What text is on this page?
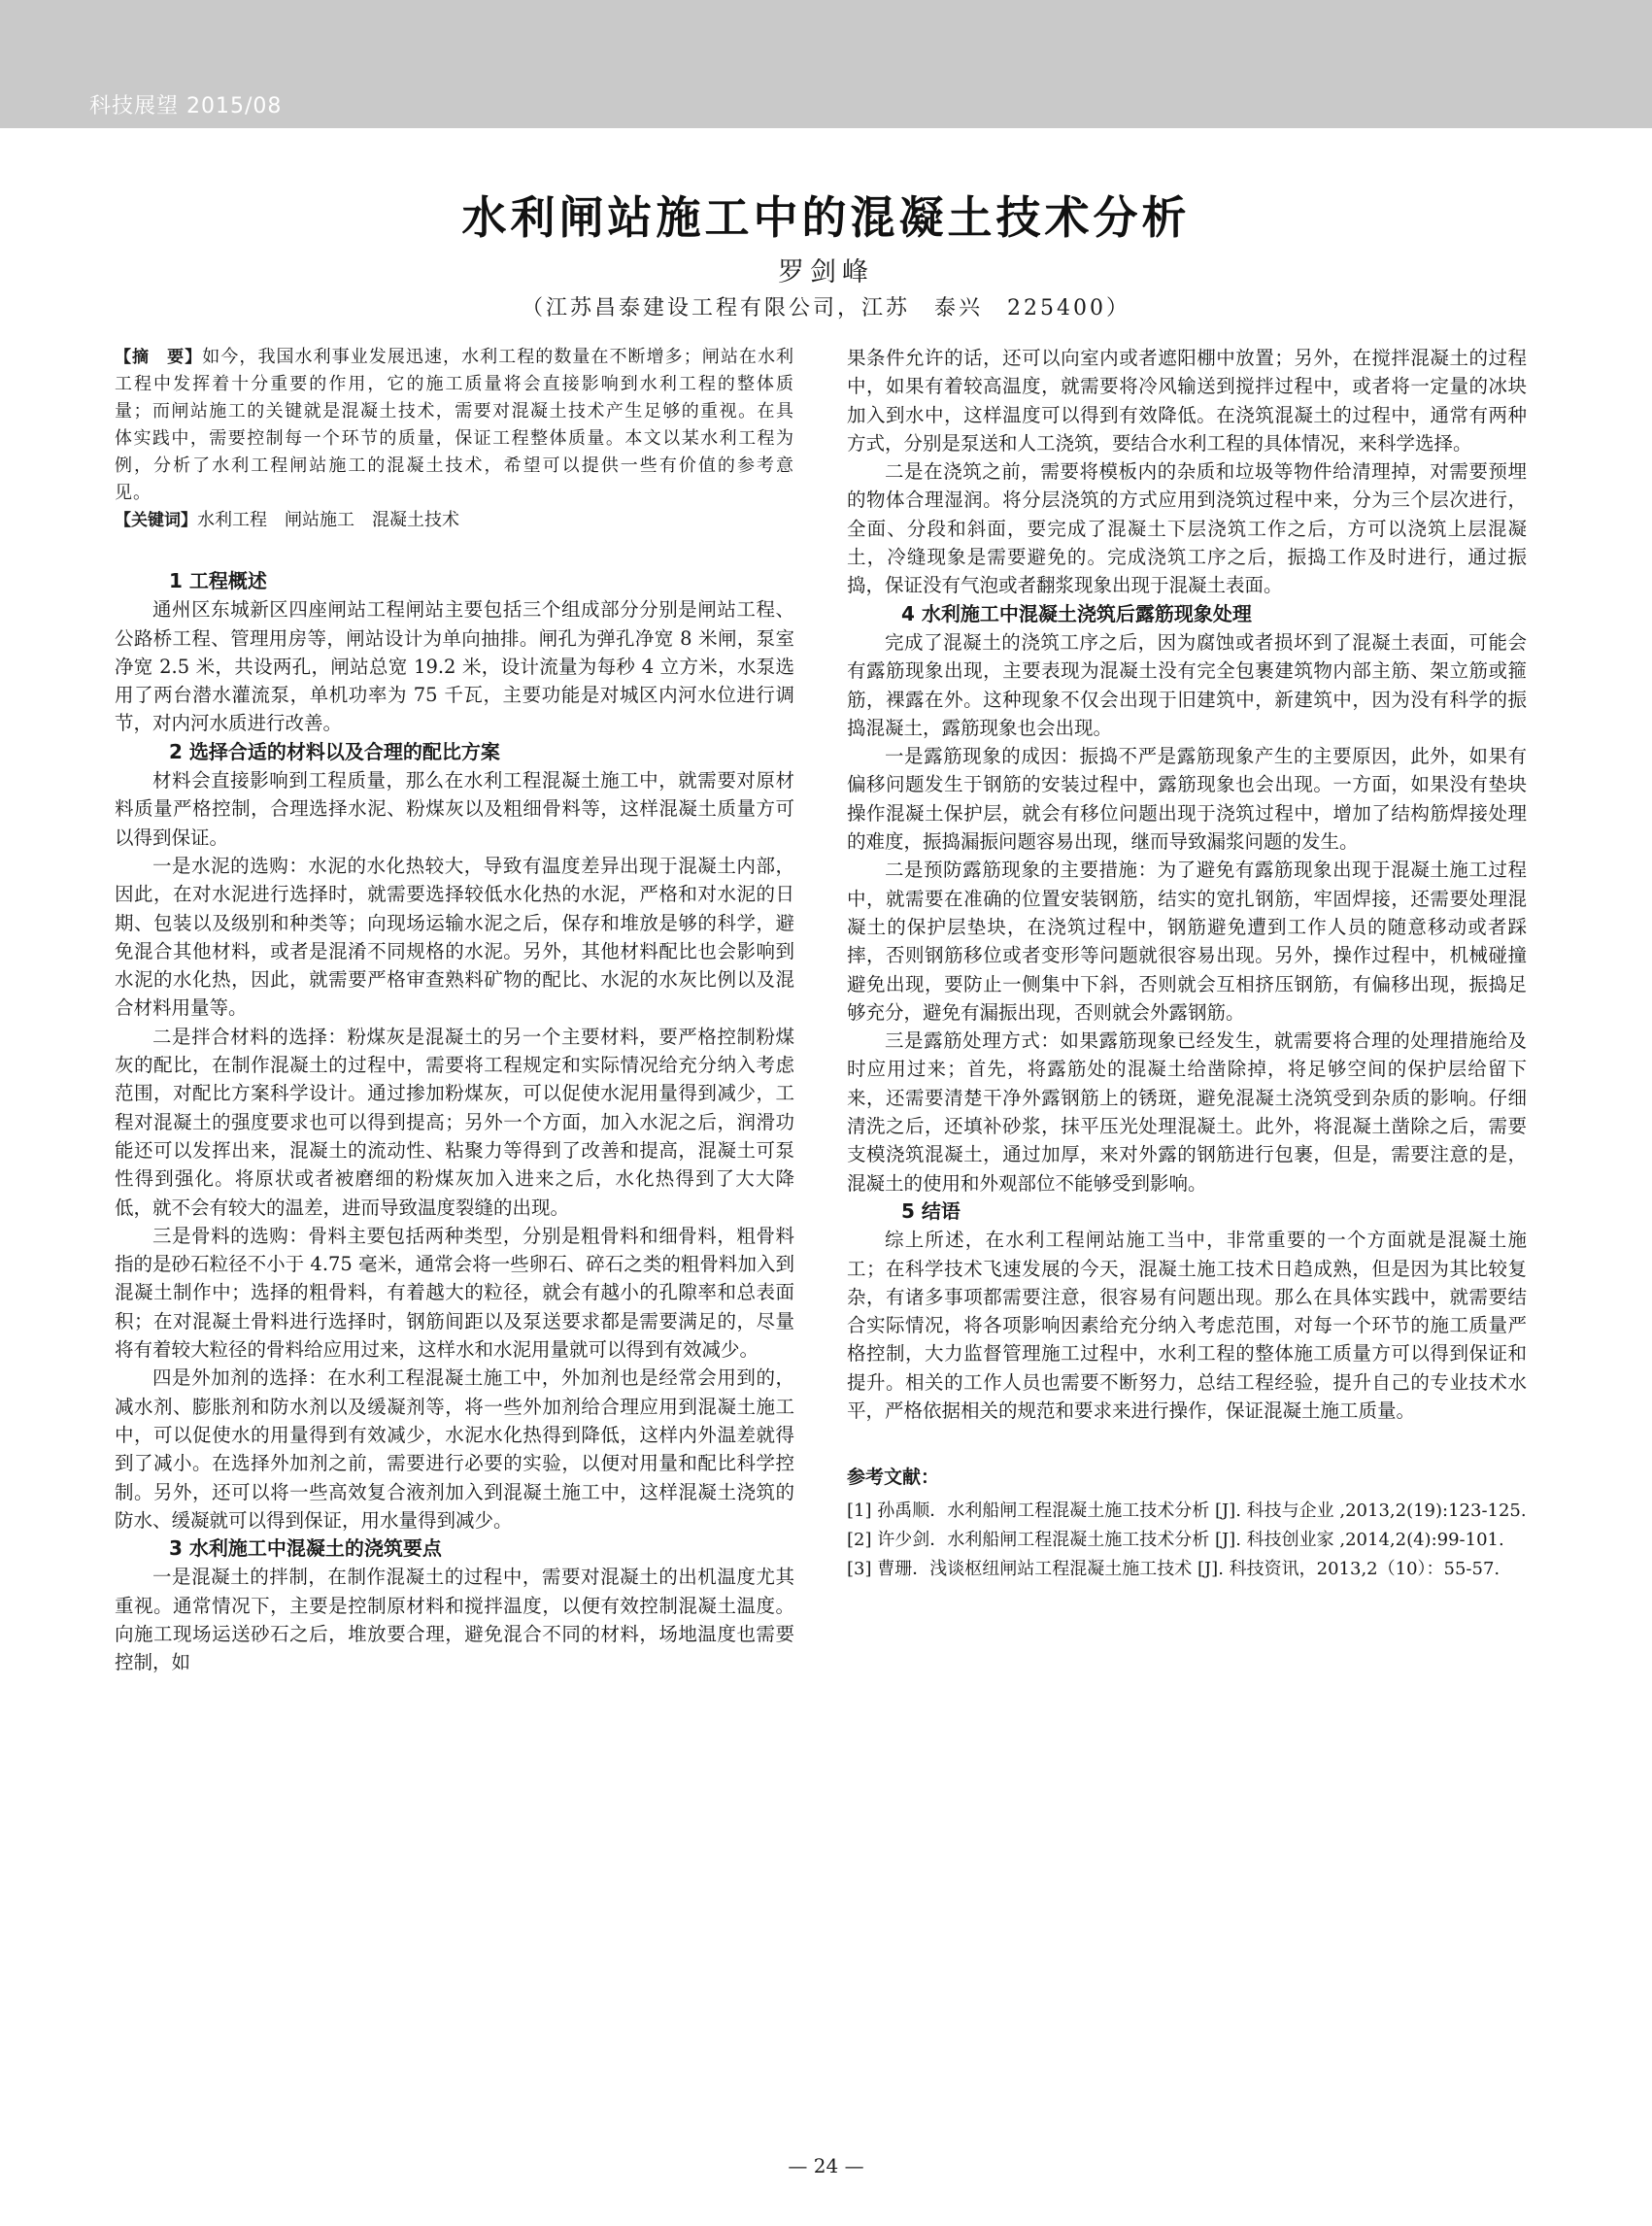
科技展望 2015/08
水利闸站施工中的混凝土技术分析
罗剑峰
（江苏昌泰建设工程有限公司，江苏　泰兴　225400）
【摘　要】如今，我国水利事业发展迅速，水利工程的数量在不断增多；闸站在水利工程中发挥着十分重要的作用，它的施工质量将会直接影响到水利工程的整体质量；而闸站施工的关键就是混凝土技术，需要对混凝土技术产生足够的重视。在具体实践中，需要控制每一个环节的质量，保证工程整体质量。本文以某水利工程为例，分析了水利工程闸站施工的混凝土技术，希望可以提供一些有价值的参考意见。
【关键词】水利工程　闸站施工　混凝土技术
1 工程概述
通州区东城新区四座闸站工程闸站主要包括三个组成部分分别是闸站工程、公路桥工程、管理用房等，闸站设计为单向抽排。闸孔为弹孔净宽 8 米闸，泵室净宽 2.5 米，共设两孔，闸站总宽 19.2 米，设计流量为每秒 4 立方米，水泵选用了两台潜水灌流泵，单机功率为 75 千瓦，主要功能是对城区内河水位进行调节，对内河水质进行改善。
2 选择合适的材料以及合理的配比方案
材料会直接影响到工程质量，那么在水利工程混凝土施工中，就需要对原材料质量严格控制，合理选择水泥、粉煤灰以及粗细骨料等，这样混凝土质量方可以得到保证。
一是水泥的选购：水泥的水化热较大，导致有温度差异出现于混凝土内部，因此，在对水泥进行选择时，就需要选择较低水化热的水泥，严格和对水泥的日期、包装以及级别和种类等；向现场运输水泥之后，保存和堆放是够的科学，避免混合其他材料，或者是混淆不同规格的水泥。另外，其他材料配比也会影响到水泥的水化热，因此，就需要严格审查熟料矿物的配比、水泥的水灰比例以及混合材料用量等。
二是拌合材料的选择：粉煤灰是混凝土的另一个主要材料，要严格控制粉煤灰的配比，在制作混凝土的过程中，需要将工程规定和实际情况给充分纳入考虑范围，对配比方案科学设计。通过掺加粉煤灰，可以促使水泥用量得到减少，工程对混凝土的强度要求也可以得到提高；另外一个方面，加入水泥之后，润滑功能还可以发挥出来，混凝土的流动性、粘聚力等得到了改善和提高，混凝土可泵性得到强化。将原状或者被磨细的粉煤灰加入进来之后，水化热得到了大大降低，就不会有较大的温差，进而导致温度裂缝的出现。
三是骨料的选购：骨料主要包括两种类型，分别是粗骨料和细骨料，粗骨料指的是砂石粒径不小于 4.75 毫米，通常会将一些卵石、碎石之类的粗骨料加入到混凝土制作中；选择的粗骨料，有着越大的粒径，就会有越小的孔隙率和总表面积；在对混凝土骨料进行选择时，钢筋间距以及泵送要求都是需要满足的，尽量将有着较大粒径的骨料给应用过来，这样水和水泥用量就可以得到有效减少。
四是外加剂的选择：在水利工程混凝土施工中，外加剂也是经常会用到的，减水剂、膨胀剂和防水剂以及缓凝剂等，将一些外加剂给合理应用到混凝土施工中，可以促使水的用量得到有效减少，水泥水化热得到降低，这样内外温差就得到了减小。在选择外加剂之前，需要进行必要的实验，以便对用量和配比科学控制。另外，还可以将一些高效复合液剂加入到混凝土施工中，这样混凝土浇筑的防水、缓凝就可以得到保证，用水量得到减少。
3 水利施工中混凝土的浇筑要点
一是混凝土的拌制，在制作混凝土的过程中，需要对混凝土的出机温度尤其重视。通常情况下，主要是控制原材料和搅拌温度，以便有效控制混凝土温度。向施工现场运送砂石之后，堆放要合理，避免混合不同的材料，场地温度也需要控制，如
果条件允许的话，还可以向室内或者遮阳棚中放置；另外，在搅拌混凝土的过程中，如果有着较高温度，就需要将冷风输送到搅拌过程中，或者将一定量的冰块加入到水中，这样温度可以得到有效降低。在浇筑混凝土的过程中，通常有两种方式，分别是泵送和人工浇筑，要结合水利工程的具体情况，来科学选择。
二是在浇筑之前，需要将模板内的杂质和垃圾等物件给清理掉，对需要预埋的物体合理湿润。将分层浇筑的方式应用到浇筑过程中来，分为三个层次进行，全面、分段和斜面，要完成了混凝土下层浇筑工作之后，方可以浇筑上层混凝土，冷缝现象是需要避免的。完成浇筑工序之后，振捣工作及时进行，通过振捣，保证没有气泡或者翻浆现象出现于混凝土表面。
4 水利施工中混凝土浇筑后露筋现象处理
完成了混凝土的浇筑工序之后，因为腐蚀或者损坏到了混凝土表面，可能会有露筋现象出现，主要表现为混凝土没有完全包裹建筑物内部主筋、架立筋或箍筋，裸露在外。这种现象不仅会出现于旧建筑中，新建筑中，因为没有科学的振捣混凝土，露筋现象也会出现。
一是露筋现象的成因：振捣不严是露筋现象产生的主要原因，此外，如果有偏移问题发生于钢筋的安装过程中，露筋现象也会出现。一方面，如果没有垫块操作混凝土保护层，就会有移位问题出现于浇筑过程中，增加了结构筋焊接处理的难度，振捣漏振问题容易出现，继而导致漏浆问题的发生。
二是预防露筋现象的主要措施：为了避免有露筋现象出现于混凝土施工过程中，就需要在准确的位置安装钢筋，结实的宽扎钢筋，牢固焊接，还需要处理混凝土的保护层垫块，在浇筑过程中，钢筋避免遭到工作人员的随意移动或者踩摔，否则钢筋移位或者变形等问题就很容易出现。另外，操作过程中，机械碰撞避免出现，要防止一侧集中下斜，否则就会互相挤压钢筋，有偏移出现，振捣足够充分，避免有漏振出现，否则就会外露钢筋。
三是露筋处理方式：如果露筋现象已经发生，就需要将合理的处理措施给及时应用过来；首先，将露筋处的混凝土给凿除掉，将足够空间的保护层给留下来，还需要清楚干净外露钢筋上的锈斑，避免混凝土浇筑受到杂质的影响。仔细清洗之后，还填补砂浆，抹平压光处理混凝土。此外，将混凝土凿除之后，需要支模浇筑混凝土，通过加厚，来对外露的钢筋进行包裹，但是，需要注意的是，混凝土的使用和外观部位不能够受到影响。
5 结语
综上所述，在水利工程闸站施工当中，非常重要的一个方面就是混凝土施工；在科学技术飞速发展的今天，混凝土施工技术日趋成熟，但是因为其比较复杂，有诸多事项都需要注意，很容易有问题出现。那么在具体实践中，就需要结合实际情况，将各项影响因素给充分纳入考虑范围，对每一个环节的施工质量严格控制，大力监督管理施工过程中，水利工程的整体施工质量方可以得到保证和提升。相关的工作人员也需要不断努力，总结工程经验，提升自己的专业技术水平，严格依据相关的规范和要求来进行操作，保证混凝土施工质量。
参考文献：
[1] 孙禹顺．水利船闸工程混凝土施工技术分析 [J]. 科技与企业 ,2013,2(19):123-125.
[2] 许少剑．水利船闸工程混凝土施工技术分析 [J]. 科技创业家 ,2014,2(4):99-101.
[3] 曹珊．浅谈枢纽闸站工程混凝土施工技术 [J]. 科技资讯，2013,2（10）：55-57.
— 24 —
